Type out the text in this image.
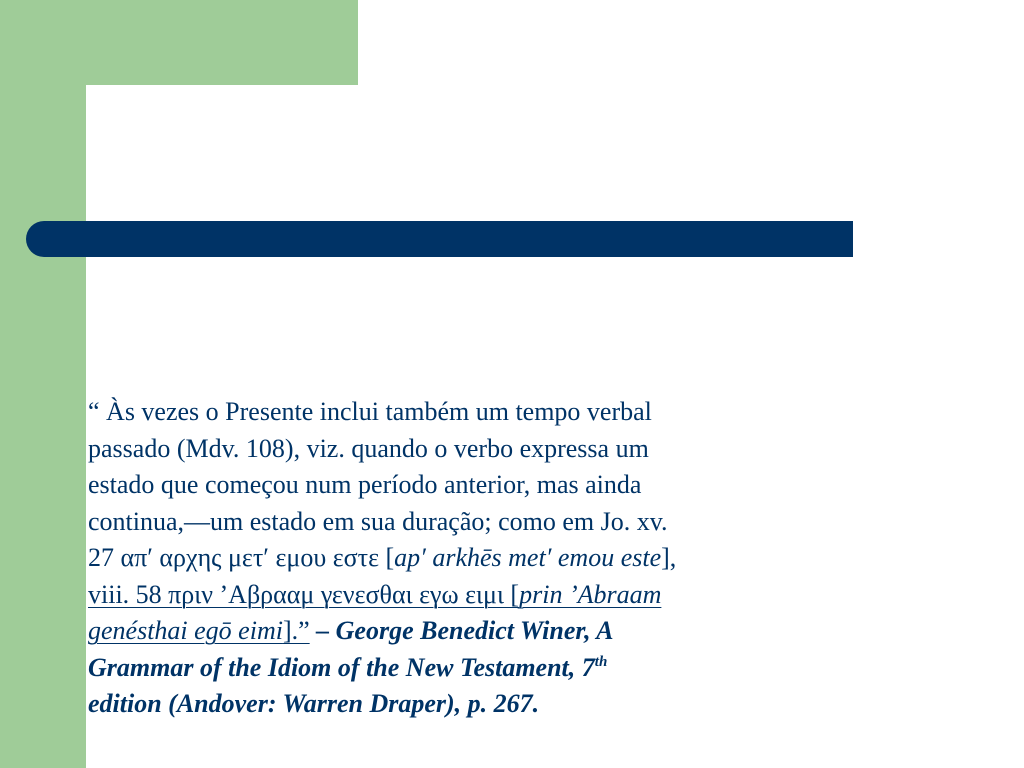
“ Às vezes o Presente inclui também um tempo verbal
passado (Mdv. 108), viz. quando o verbo expressa um
estado que começou num período anterior, mas ainda
continua,—um estado em sua duração; como em Jo. xv.
27 απ′ αρχης μετ′ εμου εστε [ap′ arkhēs met′ emou este],
viii. 58 πριν ’Αβρααμ γενεσθαι εγω ειμι [prin ’Abraam
genésthai egō eimi].” – George Benedict Winer, A
Grammar of the Idiom of the New Testament, 7th
edition (Andover: Warren Draper), p. 267.
